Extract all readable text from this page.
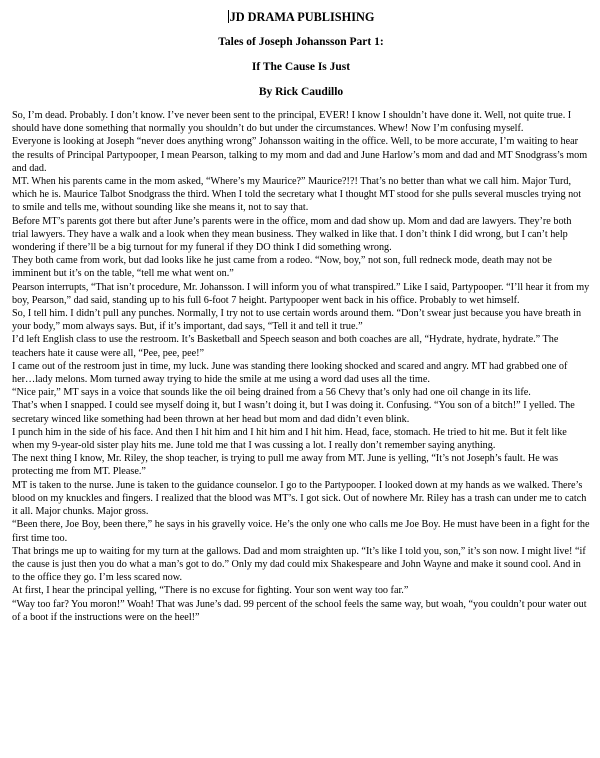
JD DRAMA PUBLISHING
Tales of Joseph Johansson Part 1:
If The Cause Is Just
By Rick Caudillo

So, I’m dead. Probably. I don’t know. I’ve never been sent to the principal, EVER! I know I shouldn’t have done it. Well, not quite true. I should have done something that normally you shouldn’t do but under the circumstances. Whew! Now I’m confusing myself.

Everyone is looking at Joseph “never does anything wrong” Johansson waiting in the office. Well, to be more accurate, I’m waiting to hear the results of Principal Partypooper, I mean Pearson, talking to my mom and dad and June Harlow’s mom and dad and MT Snodgrass’s mom and dad.

MT. When his parents came in the mom asked, “Where’s my Maurice?” Maurice?!?! That’s no better than what we call him. Major Turd, which he is. Maurice Talbot Snodgrass the third. When I told the secretary what I thought MT stood for she pulls several muscles trying not to smile and tells me, without sounding like she means it, not to say that.

Before MT’s parents got there but after June’s parents were in the office, mom and dad show up. Mom and dad are lawyers. They’re both trial lawyers. They have a walk and a look when they mean business. They walked in like that. I don’t think I did wrong, but I can’t help wondering if there’ll be a big turnout for my funeral if they DO think I did something wrong.

They both came from work, but dad looks like he just came from a rodeo. “Now, boy,” not son, full redneck mode, death may not be imminent but it’s on the table, “tell me what went on.”

Pearson interrupts, “That isn’t procedure, Mr. Johansson. I will inform you of what transpired.” Like I said, Partypooper. “I’ll hear it from my boy, Pearson,” dad said, standing up to his full 6-foot 7 height. Partypooper went back in his office. Probably to wet himself.

So, I tell him. I didn’t pull any punches. Normally, I try not to use certain words around them. “Don’t swear just because you have breath in your body,” mom always says. But, if it’s important, dad says, “Tell it and tell it true.”

I’d left English class to use the restroom. It’s Basketball and Speech season and both coaches are all, “Hydrate, hydrate, hydrate.” The teachers hate it cause were all, “Pee, pee, pee!”

I came out of the restroom just in time, my luck. June was standing there looking shocked and scared and angry. MT had grabbed one of her…lady melons. Mom turned away trying to hide the smile at me using a word dad uses all the time.

“Nice pair,” MT says in a voice that sounds like the oil being drained from a 56 Chevy that’s only had one oil change in its life.

That’s when I snapped. I could see myself doing it, but I wasn’t doing it, but I was doing it. Confusing. “You son of a bitch!” I yelled. The secretary winced like something had been thrown at her head but mom and dad didn’t even blink.

I punch him in the side of his face. And then I hit him and I hit him and I hit him. Head, face, stomach. He tried to hit me. But it felt like when my 9-year-old sister play hits me. June told me that I was cussing a lot. I really don’t remember saying anything.

The next thing I know, Mr. Riley, the shop teacher, is trying to pull me away from MT. June is yelling, “It’s not Joseph’s fault. He was protecting me from MT. Please.”

MT is taken to the nurse. June is taken to the guidance counselor. I go to the Partypooper. I looked down at my hands as we walked. There’s blood on my knuckles and fingers. I realized that the blood was MT’s. I got sick. Out of nowhere Mr. Riley has a trash can under me to catch it all. Major chunks. Major gross.

“Been there, Joe Boy, been there,” he says in his gravelly voice. He’s the only one who calls me Joe Boy. He must have been in a fight for the first time too.

That brings me up to waiting for my turn at the gallows. Dad and mom straighten up. “It’s like I told you, son,” it’s son now. I might live! “if the cause is just then you do what a man’s got to do.” Only my dad could mix Shakespeare and John Wayne and make it sound cool. And in to the office they go. I’m less scared now.

At first, I hear the principal yelling, “There is no excuse for fighting. Your son went way too far.”

“Way too far? You moron!” Woah! That was June’s dad. 99 percent of the school feels the same way, but woah, “you couldn’t pour water out of a boot if the instructions were on the heel!”
